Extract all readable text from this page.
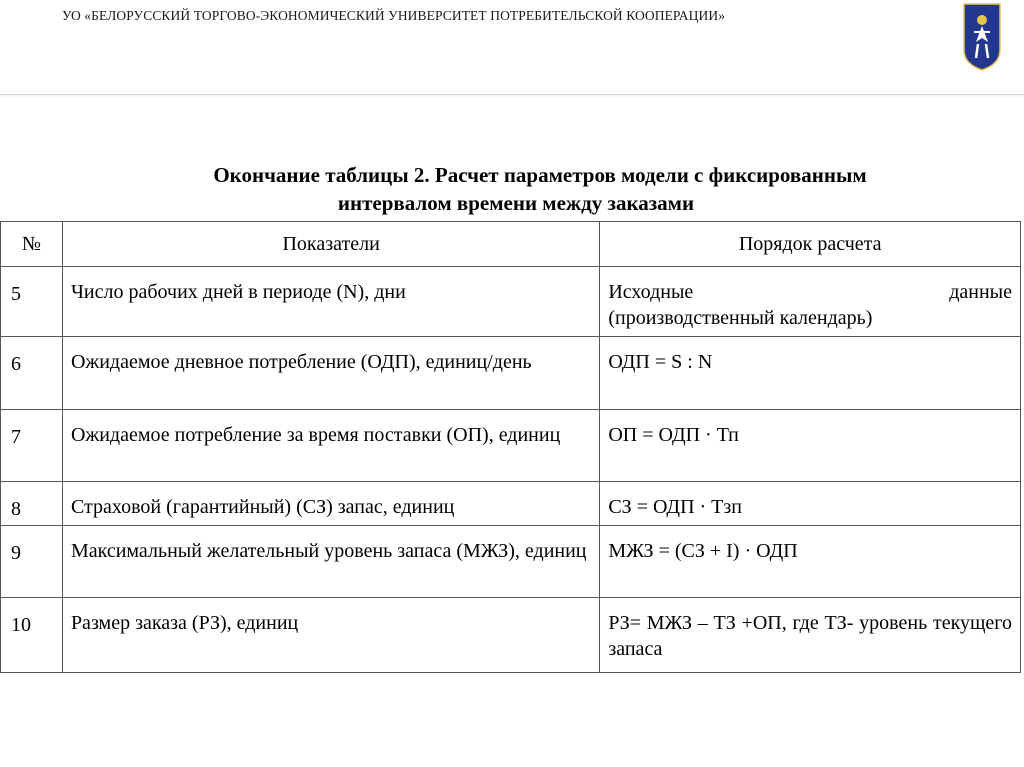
УО «БЕЛОРУССКИЙ ТОРГОВО-ЭКОНОМИЧЕСКИЙ УНИВЕРСИТЕТ ПОТРЕБИТЕЛЬСКОЙ КООПЕРАЦИИ»
Окончание таблицы 2. Расчет параметров модели с фиксированным
интервалом времени между заказами
№	Показатели	Порядок расчета
5	Число рабочих дней в периоде (N), дни	Исходные данные
(производственный календарь)

6	Ожидаемое дневное потребление (ОДП), единиц/день	ОДП = S : N
7	Ожидаемое потребление за время поставки (ОП), единиц	ОП = ОДП · Тп
8	Страховой (гарантийный) (СЗ) запас, единиц	СЗ = ОДП · Тзп
9	Максимальный желательный уровень запаса (МЖЗ), единиц	МЖЗ = (СЗ + I) · ОДП
10	Размер заказа (РЗ), единиц	РЗ= МЖЗ – ТЗ +ОП, где ТЗ- уровень текущего запаса
